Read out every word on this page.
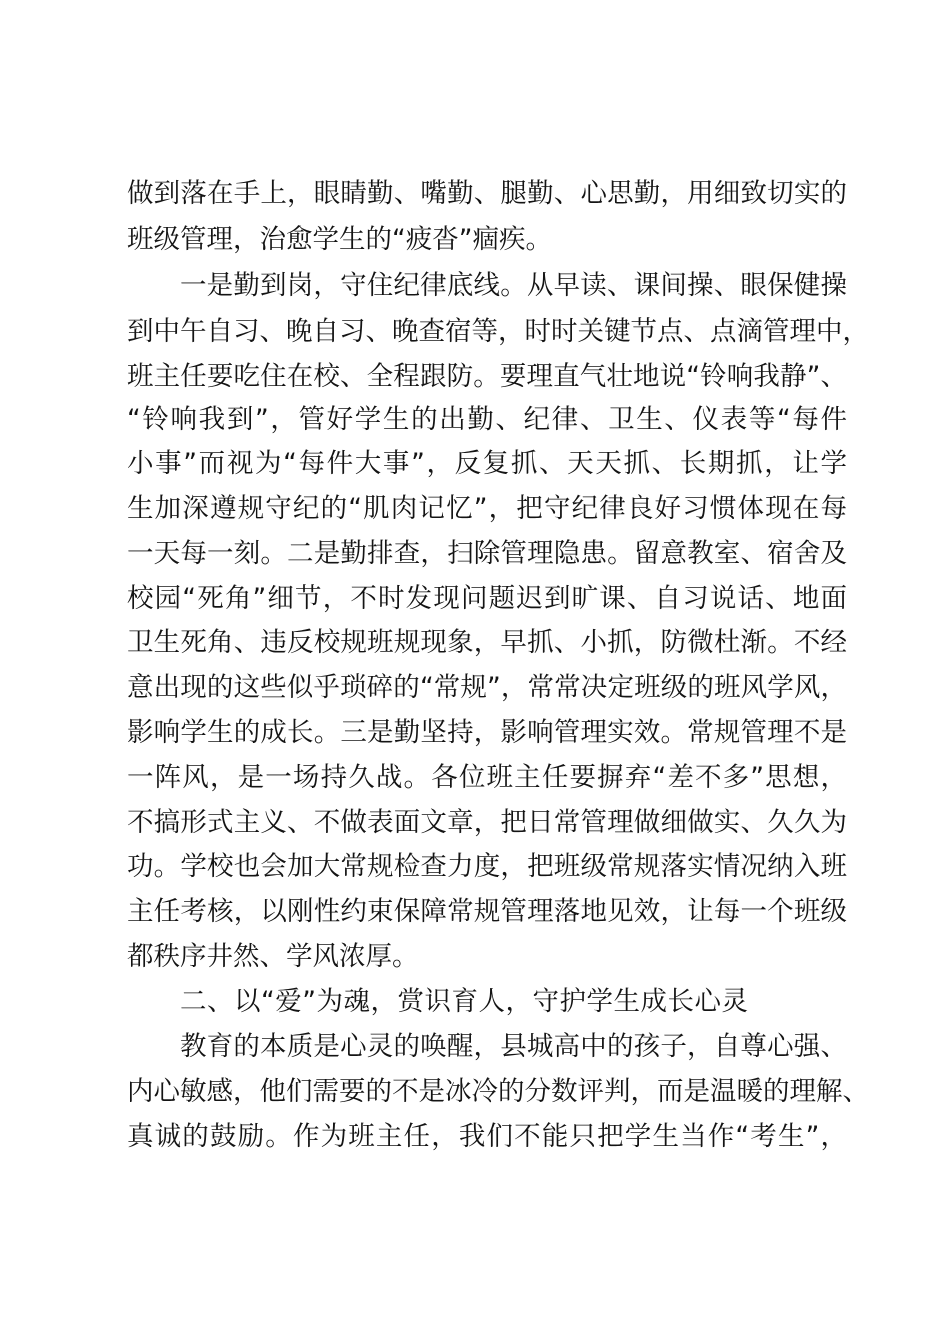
做到落在手上，眼睛勤、嘴勤、腿勤、心思勤，用细致切实的
班级管理，治愈学生的“疲沓”痼疾。
一是勤到岗，守住纪律底线。从早读、课间操、眼保健操
到中午自习、晚自习、晚查宿等，时时关键节点、点滴管理中，
班主任要吃住在校、全程跟防。要理直气壮地说“铃响我静”、
“铃响我到”，管好学生的出勤、纪律、卫生、仪表等“每件
小事”而视为“每件大事”，反复抓、天天抓、长期抓，让学
生加深遵规守纪的“肌肉记忆”，把守纪律良好习惯体现在每
一天每一刻。二是勤排查，扫除管理隐患。留意教室、宿舍及
校园“死角”细节，不时发现问题迟到旷课、自习说话、地面
卫生死角、违反校规班规现象，早抓、小抓，防微杜渐。不经
意出现的这些似乎琐碎的“常规”，常常决定班级的班风学风，
影响学生的成长。三是勤坚持，影响管理实效。常规管理不是
一阵风，是一场持久战。各位班主任要摒弃“差不多”思想，
不搞形式主义、不做表面文章，把日常管理做细做实、久久为
功。学校也会加大常规检查力度，把班级常规落实情况纳入班
主任考核，以刚性约束保障常规管理落地见效，让每一个班级
都秩序井然、学风浓厚。
二、以“爱”为魂，赏识育人，守护学生成长心灵
教育的本质是心灵的唤醒，县城高中的孩子，自尊心强、
内心敏感，他们需要的不是冰冷的分数评判，而是温暖的理解、
真诚的鼓励。作为班主任，我们不能只把学生当作“考生”，
